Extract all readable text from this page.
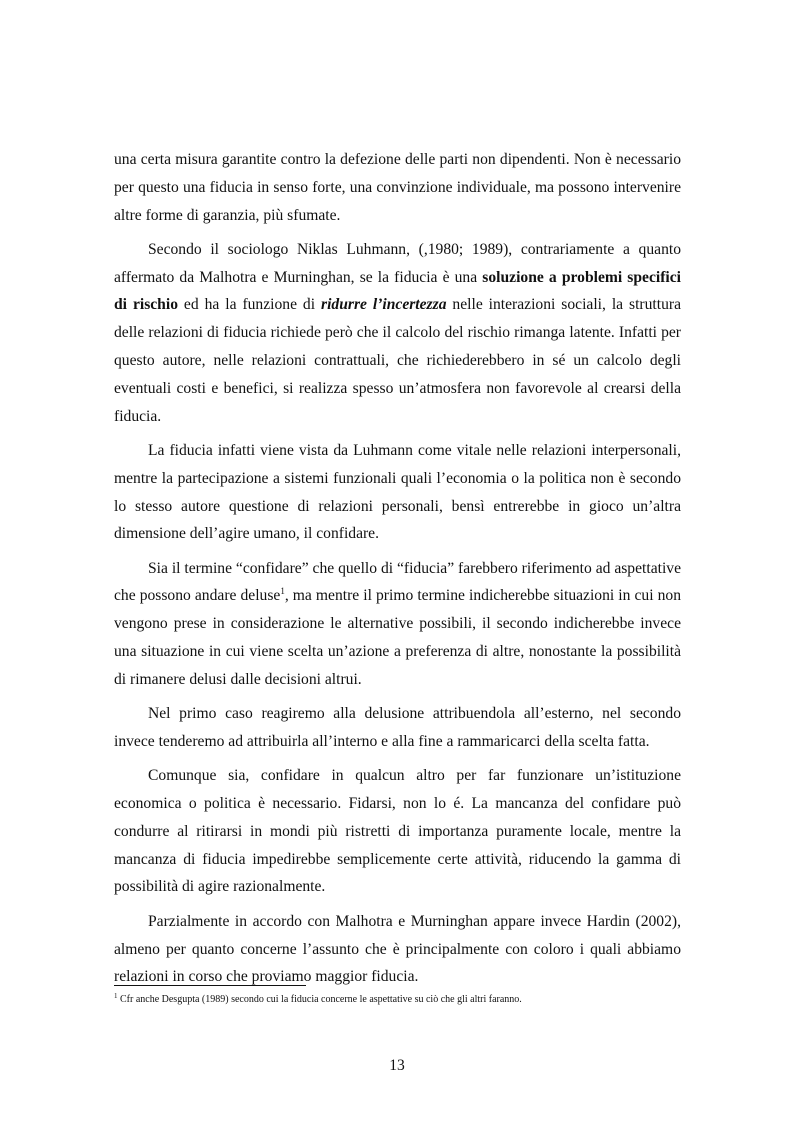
una certa misura garantite contro la defezione delle parti non dipendenti. Non è necessario per questo una fiducia in senso forte, una convinzione individuale, ma possono intervenire altre forme di garanzia, più sfumate.

Secondo il sociologo Niklas Luhmann, (,1980; 1989), contrariamente a quanto affermato da Malhotra e Murninghan, se la fiducia è una soluzione a problemi specifici di rischio ed ha la funzione di ridurre l’incertezza nelle interazioni sociali, la struttura delle relazioni di fiducia richiede però che il calcolo del rischio rimanga latente. Infatti per questo autore, nelle relazioni contrattuali, che richiederebbero in sé un calcolo degli eventuali costi e benefici, si realizza spesso un’atmosfera non favorevole al crearsi della fiducia.

La fiducia infatti viene vista da Luhmann come vitale nelle relazioni interpersonali, mentre la partecipazione a sistemi funzionali quali l’economia o la politica non è secondo lo stesso autore questione di relazioni personali, bensì entrerebbe in gioco un’altra dimensione dell’agire umano, il confidare.

Sia il termine “confidare” che quello di “fiducia” farebbero riferimento ad aspettative che possono andare deluse$^1$, ma mentre il primo termine indicherebbe situazioni in cui non vengono prese in considerazione le alternative possibili, il secondo indicherebbe invece una situazione in cui viene scelta un’azione a preferenza di altre, nonostante la possibilità di rimanere delusi dalle decisioni altrui.

Nel primo caso reagiremo alla delusione attribuendola all’esterno, nel secondo invece tenderemo ad attribuirla all’interno e alla fine a rammaricarci della scelta fatta.

Comunque sia, confidare in qualcun altro per far funzionare un’istituzione economica o politica è necessario. Fidarsi, non lo é. La mancanza del confidare può condurre al ritirarsi in mondi più ristretti di importanza puramente locale, mentre la mancanza di fiducia impedirebbe semplicemente certe attività, riducendo la gamma di possibilità di agire razionalmente.

Parzialmente in accordo con Malhotra e Murninghan appare invece Hardin (2002), almeno per quanto concerne l’assunto che è principalmente con coloro i quali abbiamo relazioni in corso che proviamo maggior fiducia.

$^1$ Cfr anche Desgupta (1989) secondo cui la fiducia concerne le aspettative su ciò che gli altri faranno.
13
